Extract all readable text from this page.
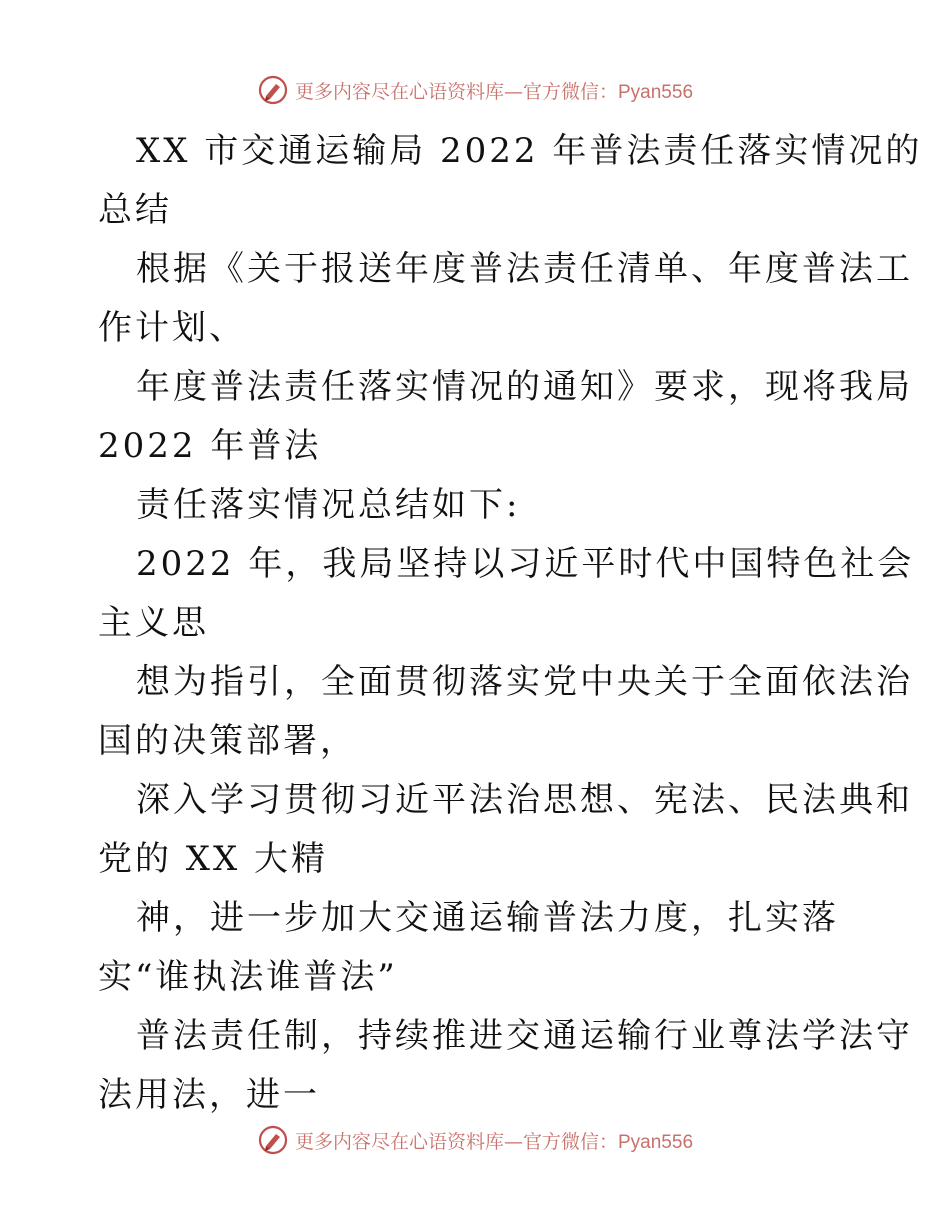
更多内容尽在心语资料库—官方微信：Pyan556
XX 市交通运输局 2022 年普法责任落实情况的
总结
根据《关于报送年度普法责任清单、年度普法工
作计划、
年度普法责任落实情况的通知》要求，现将我局
2022 年普法
责任落实情况总结如下:
2022 年，我局坚持以习近平时代中国特色社会
主义思
想为指引，全面贯彻落实党中央关于全面依法治
国的决策部署，
深入学习贯彻习近平法治思想、宪法、民法典和
党的 XX 大精
神，进一步加大交通运输普法力度，扎实落
实“谁执法谁普法”
普法责任制，持续推进交通运输行业尊法学法守
法用法，进一
更多内容尽在心语资料库—官方微信：Pyan556
